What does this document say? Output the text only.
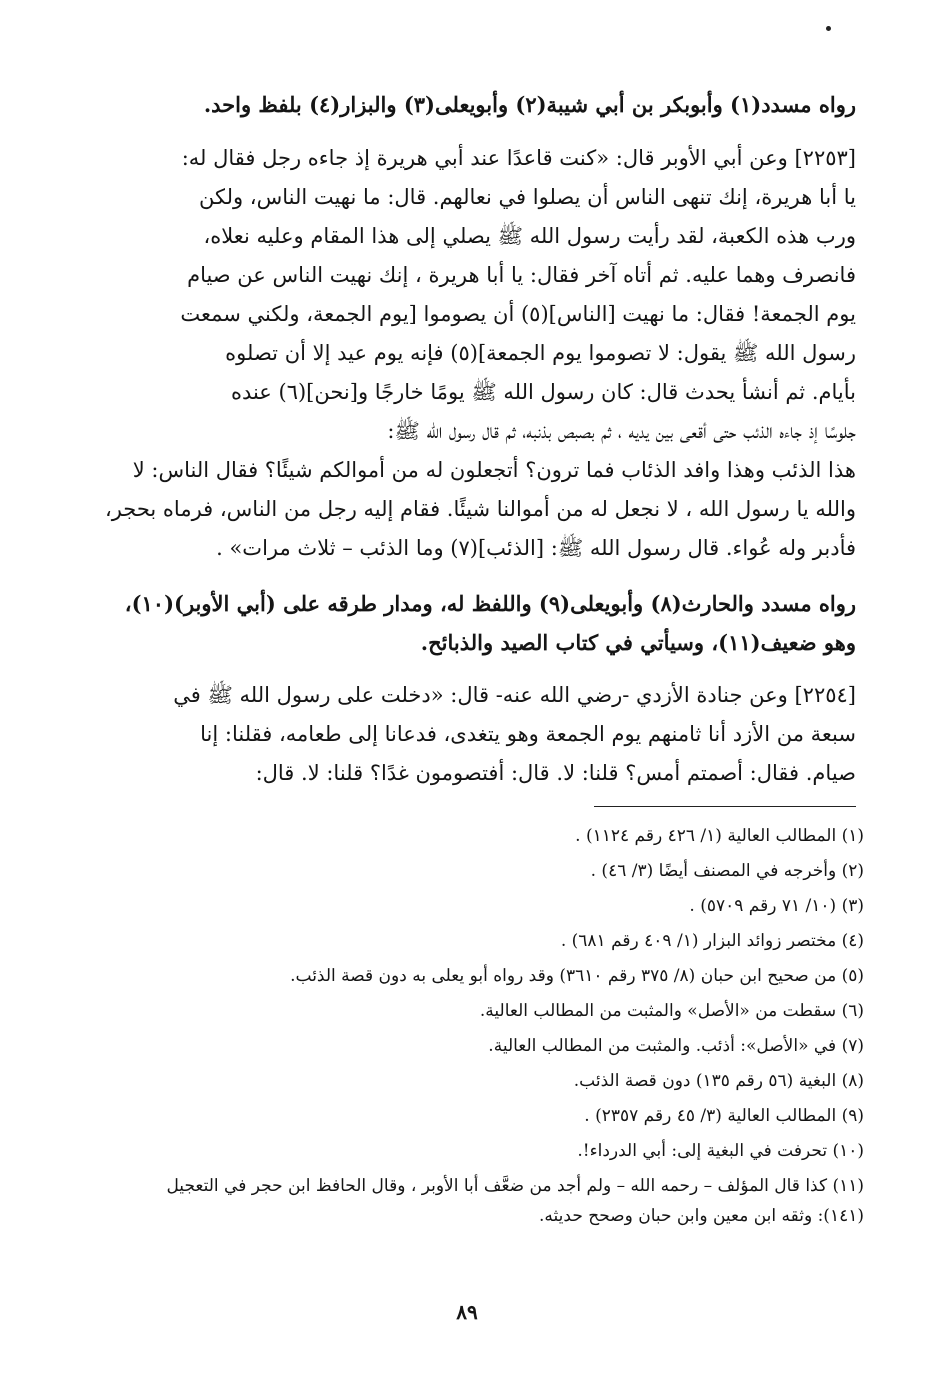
رواه مسدد(١) وأبوبكر بن أبي شيبة(٢) وأبويعلى(٣) والبزار(٤) بلفظ واحد.
[٢٢٥٣] وعن أبي الأوبر قال: «كنت قاعدًا عند أبي هريرة إذ جاءه رجل فقال له:
يا أبا هريرة، إنك تنهى الناس أن يصلوا في نعالهم. قال: ما نهيت الناس، ولكن
ورب هذه الكعبة، لقد رأيت رسول الله ﷺ يصلي إلى هذا المقام وعليه نعلاه،
فانصرف وهما عليه. ثم أتاه آخر فقال: يا أبا هريرة ، إنك نهيت الناس عن صيام
يوم الجمعة! فقال: ما نهيت [الناس](٥) أن يصوموا [يوم الجمعة، ولكني سمعت
رسول الله ﷺ يقول: لا تصوموا يوم الجمعة](٥) فإنه يوم عيد إلا أن تصلوه
بأيام. ثم أنشأ يحدث قال: كان رسول الله ﷺ يومًا خارجًا و[نحن](٦) عنده
جلوسًا إذ جاءه الذئب حتى أقعى بين يديه ، ثم بصبص بذنبه، ثم قال رسول الله ﷺ:
هذا الذئب وهذا وافد الذئاب فما ترون؟ أتجعلون له من أموالكم شيئًا؟ فقال الناس: لا
والله يا رسول الله ، لا نجعل له من أموالنا شيئًا. فقام إليه رجل من الناس، فرماه بحجر،
فأدبر وله عُواء. قال رسول الله ﷺ: [الذئب](٧) وما الذئب – ثلاث مرات» .
رواه مسدد والحارث(٨) وأبويعلى(٩) واللفظ له، ومدار طرقه على (أبي الأوبر)(١٠)،
وهو ضعيف(١١)، وسيأتي في كتاب الصيد والذبائح.
[٢٢٥٤] وعن جنادة الأزدي -رضي الله عنه- قال: «دخلت على رسول الله ﷺ في
سبعة من الأزد أنا ثامنهم يوم الجمعة وهو يتغدى، فدعانا إلى طعامه، فقلنا: إنا
صيام. فقال: أصمتم أمس؟ قلنا: لا. قال: أفتصومون غدًا؟ قلنا: لا. قال:
(١) المطالب العالية (١/ ٤٢٦ رقم ١١٢٤) .
(٢) وأخرجه في المصنف أيضًا (٣/ ٤٦) .
(٣) (١٠/ ٧١ رقم ٥٧٠٩) .
(٤) مختصر زوائد البزار (١/ ٤٠٩ رقم ٦٨١) .
(٥) من صحيح ابن حبان (٨/ ٣٧٥ رقم ٣٦١٠) وقد رواه أبو يعلى به دون قصة الذئب.
(٦) سقطت من «الأصل» والمثبت من المطالب العالية.
(٧) في «الأصل»: أذئب. والمثبت من المطالب العالية.
(٨) البغية (٥٦ رقم ١٣٥) دون قصة الذئب.
(٩) المطالب العالية (٣/ ٤٥ رقم ٢٣٥٧) .
(١٠) تحرفت في البغية إلى: أبي الدرداء!.
(١١) كذا قال المؤلف – رحمه الله – ولم أجد من ضعَّف أبا الأوبر ، وقال الحافظ ابن حجر في التعجيل
(١٤١): وثقه ابن معين وابن حبان وصحح حديثه.
٨٩
